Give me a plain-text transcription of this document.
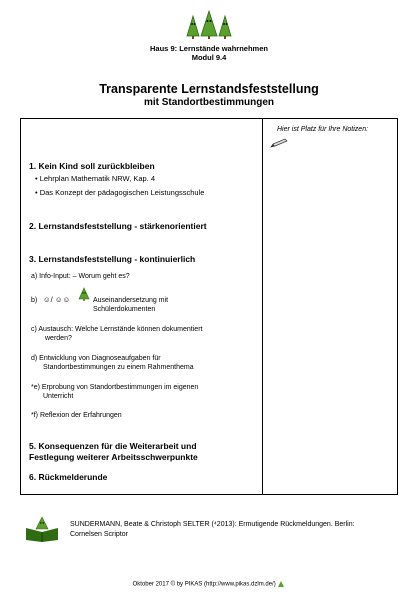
Haus 9: Lernstände wahrnehmen
Modul 9.4
Transparente Lernstandsfeststellung
mit Standortbestimmungen
Hier ist Platz für Ihre Notizen:
1. Kein Kind soll zurückbleiben
• Lehrplan Mathematik NRW, Kap. 4
• Das Konzept der pädagogischen Leistungsschule
2. Lernstandsfeststellung - stärkenorientiert
3. Lernstandsfeststellung - kontinuierlich
a) Info-Input: – Worum geht es?
b) ☺/ ☺☺	Auseinandersetzung mit
Schülerdokumenten
c) Austausch: Welche Lernstände können dokumentiert
werden?
d) Entwicklung von Diagnoseaufgaben für
Standortbestimmungen zu einem Rahmenthema
*e) Erprobung von Standortbestimmungen im eigenen
Unterricht
*f) Reflexion der Erfahrungen
5. Konsequenzen für die Weiterarbeit und
Festlegung weiterer Arbeitsschwerpunkte
6. Rückmelderunde
SUNDERMANN, Beate & Christoph SELTER (⁴2013): Ermutigende Rückmeldungen. Berlin:
Cornelsen Scriptor
Oktober 2017 © by PIKAS (http://www.pikas.dzlm.de/)
